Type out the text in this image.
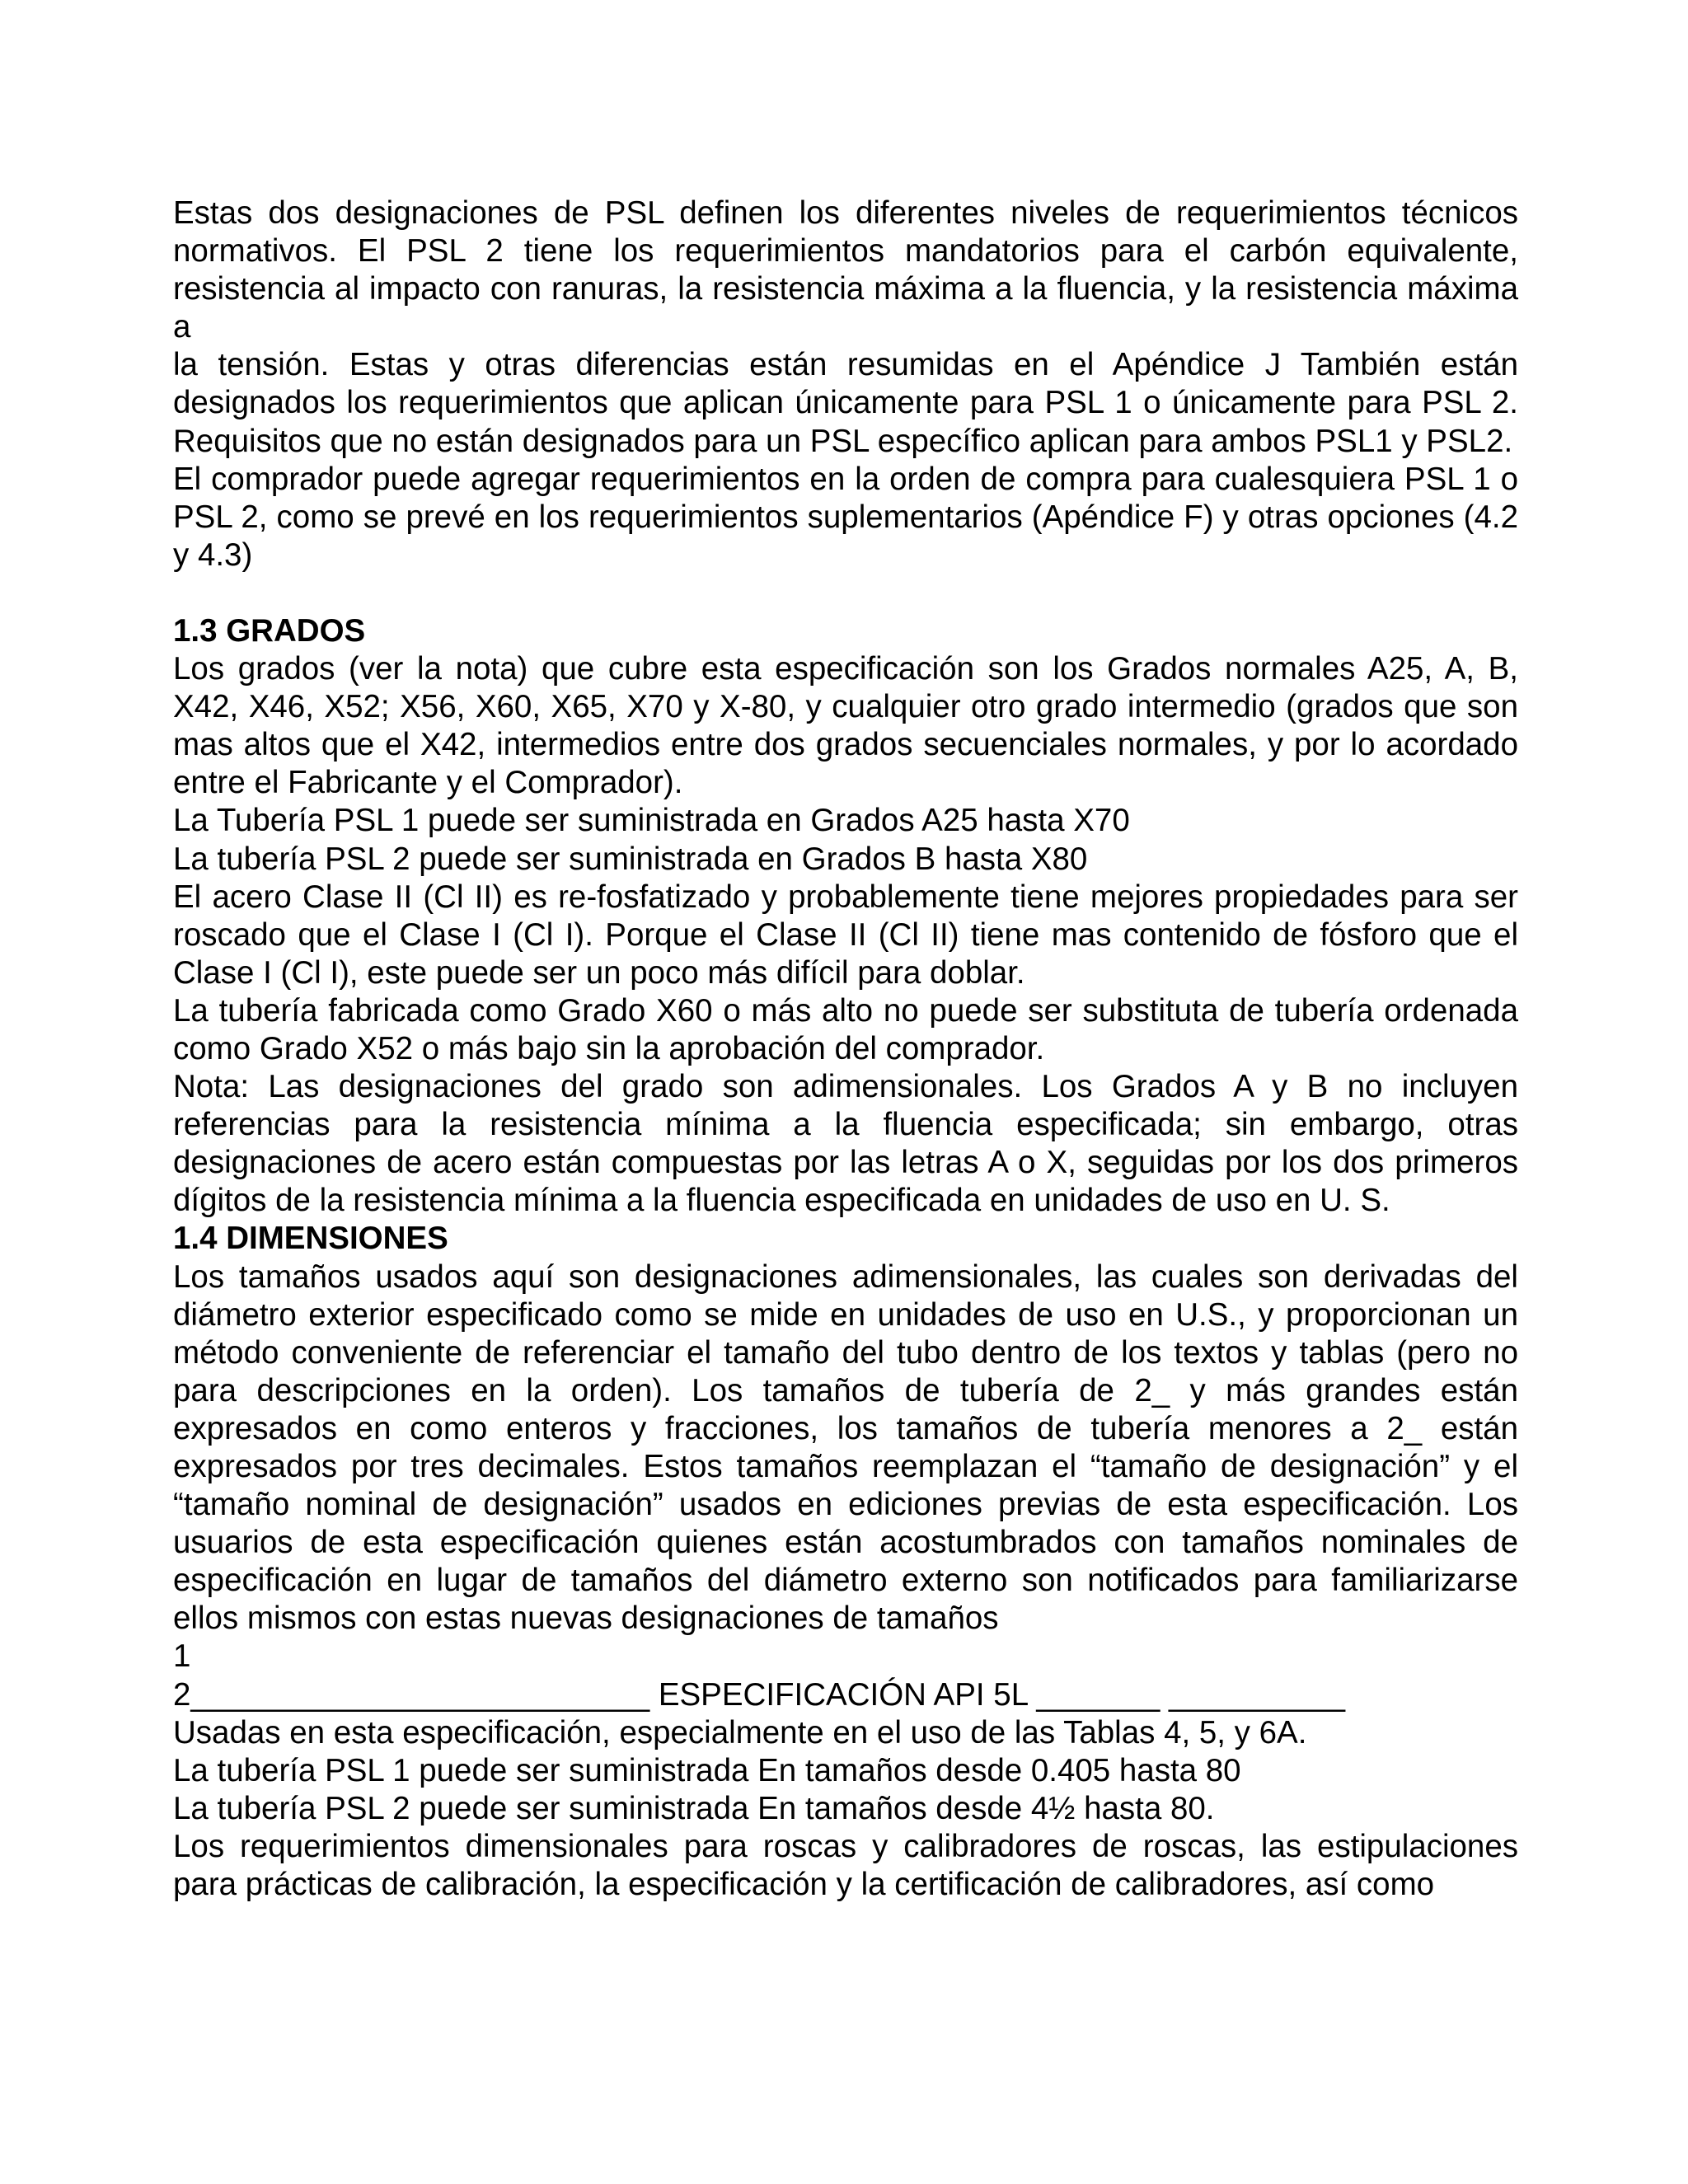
Estas dos designaciones de PSL definen los diferentes niveles de requerimientos técnicos normativos. El PSL 2 tiene los requerimientos mandatorios para el carbón equivalente, resistencia al impacto con ranuras, la resistencia máxima a la fluencia, y la resistencia máxima a

la tensión. Estas y otras diferencias están resumidas en el Apéndice J También están designados los requerimientos que aplican únicamente para PSL 1 o únicamente para PSL 2. Requisitos que no están designados para un PSL específico aplican para ambos PSL1 y PSL2.

El comprador puede agregar requerimientos en la orden de compra para cualesquiera PSL 1 o PSL 2, como se prevé en los requerimientos suplementarios (Apéndice F) y otras opciones (4.2 y 4.3)

1.3 GRADOS

Los grados (ver la nota) que cubre esta especificación son los Grados normales A25, A, B, X42, X46, X52; X56, X60, X65, X70 y X-80, y cualquier otro grado intermedio (grados que son mas altos que el X42, intermedios entre dos grados secuenciales normales, y por lo acordado entre el Fabricante y el Comprador).

La Tubería PSL 1 puede ser suministrada en Grados A25 hasta X70

La tubería PSL 2 puede ser suministrada en Grados B hasta X80

El acero Clase II (Cl II) es re-fosfatizado y probablemente tiene mejores propiedades para ser roscado que el Clase I (Cl I). Porque el Clase II (Cl II) tiene mas contenido de fósforo que el Clase I (Cl I), este puede ser un poco más difícil para doblar.

La tubería fabricada como Grado X60 o más alto no puede ser substituta de tubería ordenada como Grado X52 o más bajo sin la aprobación del comprador.

Nota: Las designaciones del grado son adimensionales. Los Grados A y B no incluyen referencias para la resistencia mínima a la fluencia especificada; sin embargo, otras designaciones de acero están compuestas por las letras A o X, seguidas por los dos primeros dígitos de la resistencia mínima a la fluencia especificada en unidades de uso en U. S.

1.4 DIMENSIONES

Los tamaños usados aquí son designaciones adimensionales, las cuales son derivadas del diámetro exterior especificado como se mide en unidades de uso en U.S., y proporcionan un método conveniente de referenciar el tamaño del tubo dentro de los textos y tablas (pero no para descripciones en la orden). Los tamaños de tubería de 2_ y más grandes están expresados en como enteros y fracciones, los tamaños de tubería menores a 2_ están expresados por tres decimales. Estos tamaños reemplazan el “tamaño de designación” y el “tamaño nominal de designación” usados en ediciones previas de esta especificación. Los usuarios de esta especificación quienes están acostumbrados con tamaños nominales de especificación en lugar de tamaños del diámetro externo son notificados para familiarizarse ellos mismos con estas nuevas designaciones de tamaños

1

2__________________________ ESPECIFICACIÓN API 5L _______ __________

Usadas en esta especificación, especialmente en el uso de las Tablas 4, 5, y 6A.

La tubería PSL 1 puede ser suministrada En tamaños desde 0.405 hasta 80

La tubería PSL 2 puede ser suministrada En tamaños desde 4½ hasta 80.

Los requerimientos dimensionales para roscas y calibradores de roscas, las estipulaciones para prácticas de calibración, la especificación y la certificación de calibradores, así como
